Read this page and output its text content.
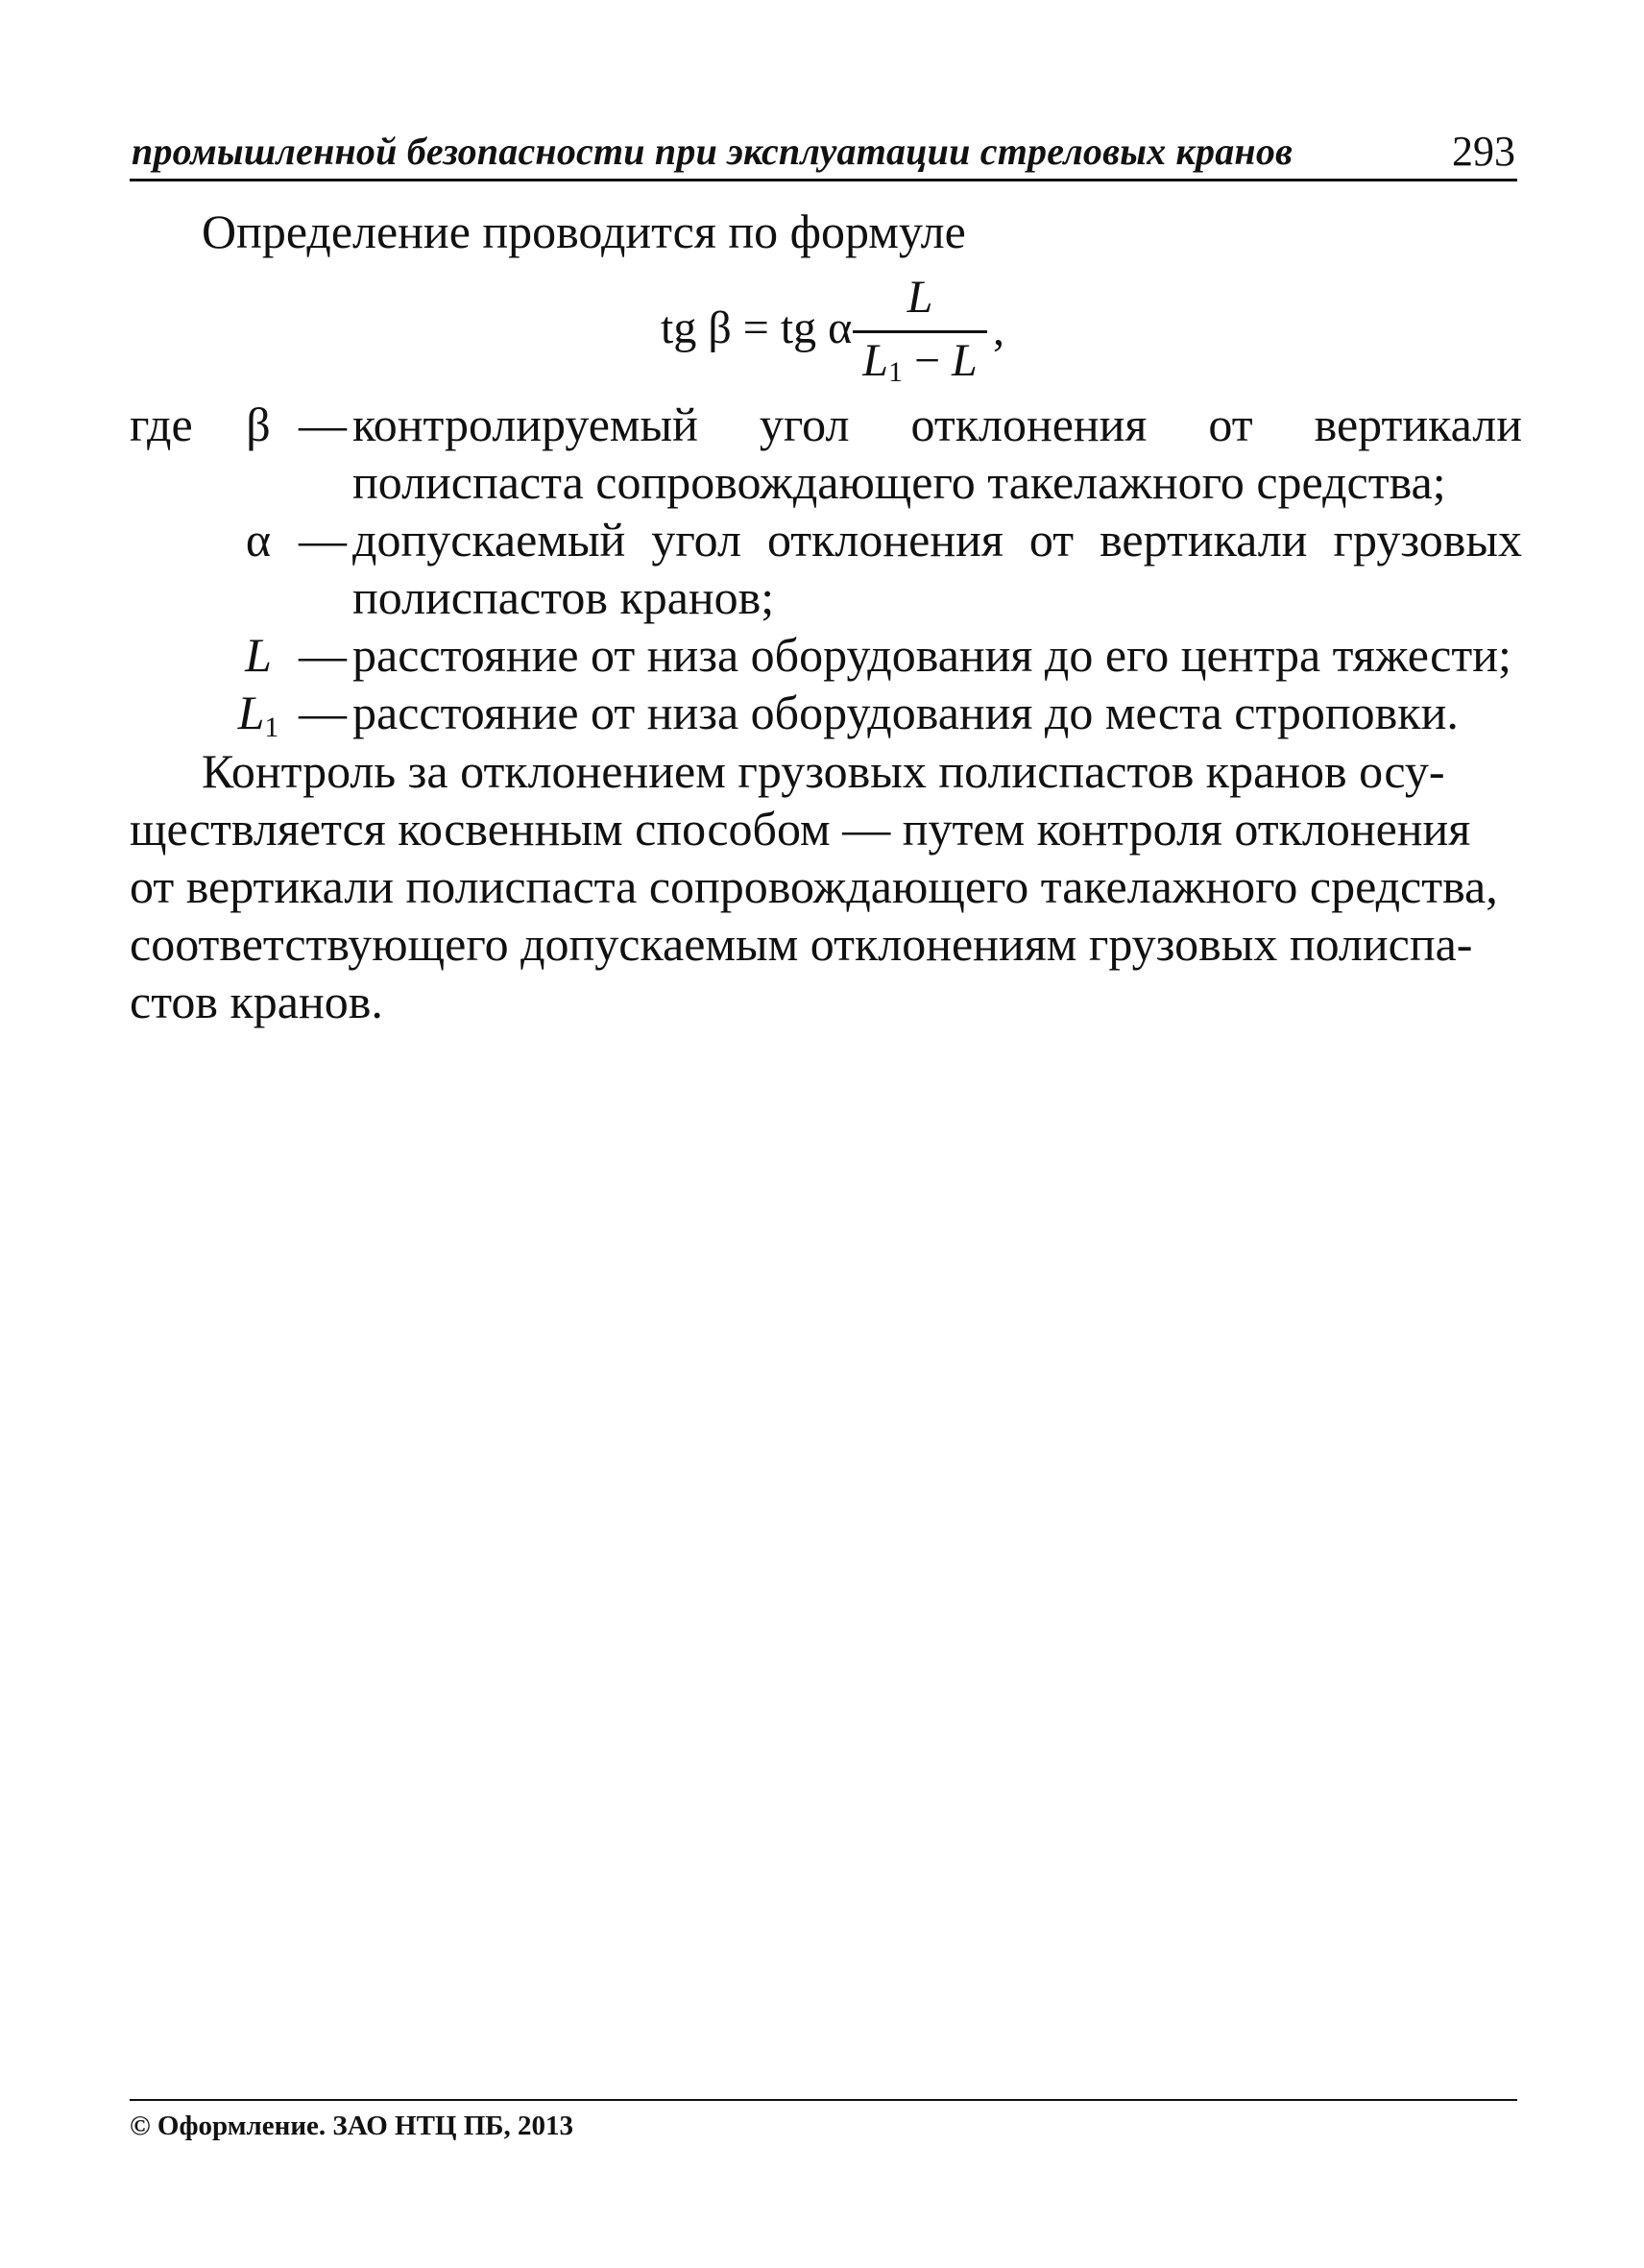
промышленной безопасности при эксплуатации стреловых кранов	293
Определение проводится по формуле
tg β = tg α
L
$L_1 - L$
,
где	β — контролируемый угол отклонения от вертикали полиспаста сопровождающего такелажного средства;
α — допускаемый угол отклонения от вертикали грузовых полиспастов кранов;
L — расстояние от низа оборудования до его центра тяжести;
$L_1$ — расстояние от низа оборудования до места строповки.
Контроль за отклонением грузовых полиспастов кранов осу-
ществляется косвенным способом — путем контроля отклонения
от вертикали полиспаста сопровождающего такелажного средства,
соответствующего допускаемым отклонениям грузовых полиспа-
стов кранов.
© Оформление. ЗАО НТЦ ПБ, 2013
